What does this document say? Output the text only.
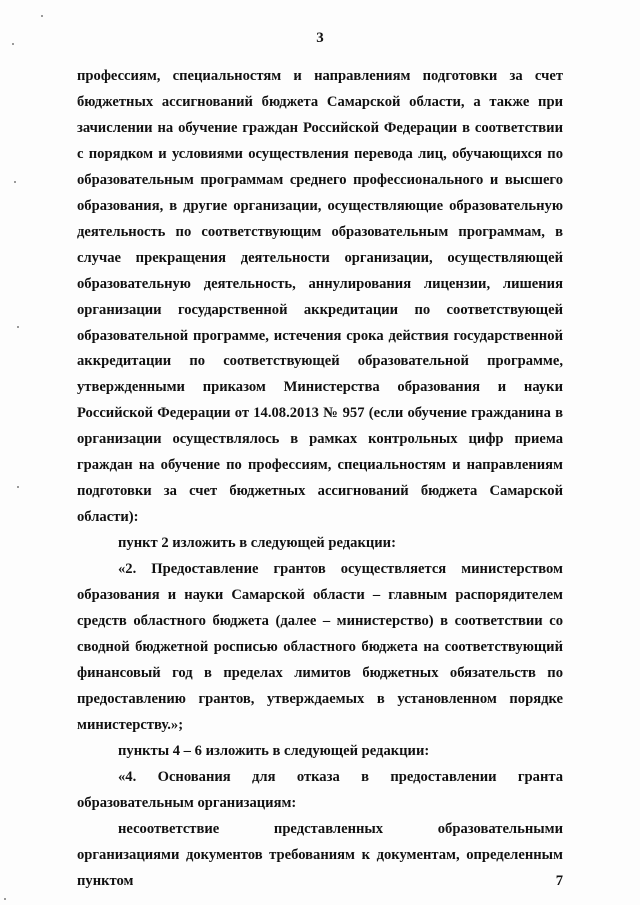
3

профессиям, специальностям и направлениям подготовки за счет бюджетных ассигнований бюджета Самарской области, а также при зачислении на обучение граждан Российской Федерации в соответствии с порядком и условиями осуществления перевода лиц, обучающихся по образовательным программам среднего профессионального и высшего образования, в другие организации, осуществляющие образовательную деятельность по соответствующим образовательным программам, в случае прекращения деятельности организации, осуществляющей образовательную деятельность, аннулирования лицензии, лишения организации государственной аккредитации по соответствующей образовательной программе, истечения срока действия государственной аккредитации по соответствующей образовательной программе, утвержденными приказом Министерства образования и науки Российской Федерации от 14.08.2013 № 957 (если обучение гражданина в организации осуществлялось в рамках контрольных цифр приема граждан на обучение по профессиям, специальностям и направлениям подготовки за счет бюджетных ассигнований бюджета Самарской области):

пункт 2 изложить в следующей редакции:

«2. Предоставление грантов осуществляется министерством образования и науки Самарской области – главным распорядителем средств областного бюджета (далее – министерство) в соответствии со сводной бюджетной росписью областного бюджета на соответствующий финансовый год в пределах лимитов бюджетных обязательств по предоставлению грантов, утверждаемых в установленном порядке министерству.»;

пункты 4 – 6 изложить в следующей редакции:

«4. Основания для отказа в предоставлении гранта образовательным организациям:

несоответствие представленных образовательными организациями документов требованиям к документам, определенным пунктом 7
